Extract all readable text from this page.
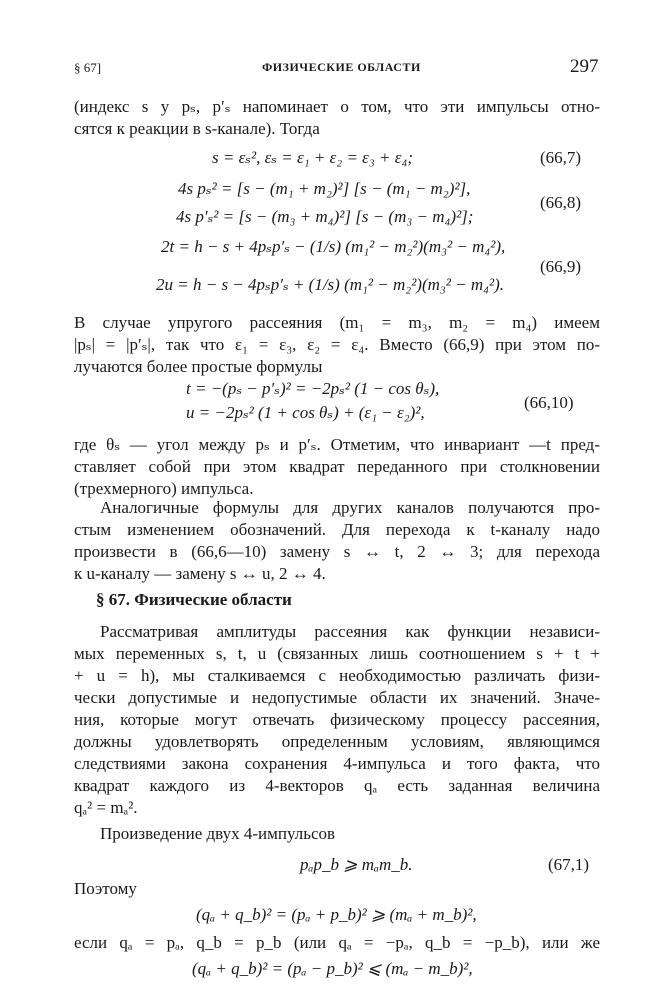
§ 67]	ФИЗИЧЕСКИЕ ОБЛАСТИ	297
(индекс s у pₛ, p′ₛ напоминает о том, что эти импульсы отно-
сятся к реакции в s-канале). Тогда
s = εₛ², εₛ = ε₁ + ε₂ = ε₃ + ε₄;	(66,7)
4s pₛ² = [s − (m₁ + m₂)²] [s − (m₁ − m₂)²],
4s p′ₛ² = [s − (m₃ + m₄)²] [s − (m₃ − m₄)²];
(66,8)
2t = h − s + 4pₛp′ₛ − (1/s) (m₁² − m₂²)(m₃² − m₄²),
2u = h − s − 4pₛp′ₛ + (1/s) (m₁² − m₂²)(m₃² − m₄²).
(66,9)
В случае упругого рассеяния (m₁ = m₃, m₂ = m₄) имеем
|pₛ| = |p′ₛ|, так что ε₁ = ε₃, ε₂ = ε₄. Вместо (66,9) при этом по-
лучаются более простые формулы
t = −(pₛ − p′ₛ)² = −2pₛ² (1 − cos θₛ),
u = −2pₛ² (1 + cos θₛ) + (ε₁ − ε₂)²,
(66,10)
где θₛ — угол между pₛ и p′ₛ. Отметим, что инвариант —t пред-
ставляет собой при этом квадрат переданного при столкновении
(трехмерного) импульса.
Аналогичные формулы для других каналов получаются про-
стым изменением обозначений. Для перехода к t-каналу надо
произвести в (66,6—10) замену s ↔ t, 2 ↔ 3; для перехода
к u-каналу — замену s ↔ u, 2 ↔ 4.
§ 67. Физические области
Рассматривая амплитуды рассеяния как функции независи-
мых переменных s, t, u (связанных лишь соотношением s + t +
+ u = h), мы сталкиваемся с необходимостью различать физи-
чески допустимые и недопустимые области их значений. Значе-
ния, которые могут отвечать физическому процессу рассеяния,
должны удовлетворять определенным условиям, являющимся
следствиями закона сохранения 4-импульса и того факта, что
квадрат каждого из 4-векторов qₐ есть заданная величина
qₐ² = mₐ².
Произведение двух 4-импульсов
pₐp_b ⩾ mₐm_b.	(67,1)
Поэтому
(qₐ + q_b)² = (pₐ + p_b)² ⩾ (mₐ + m_b)²,
если qₐ = pₐ, q_b = p_b (или qₐ = −pₐ, q_b = −p_b), или же
(qₐ + q_b)² = (pₐ − p_b)² ⩽ (mₐ − m_b)²,
